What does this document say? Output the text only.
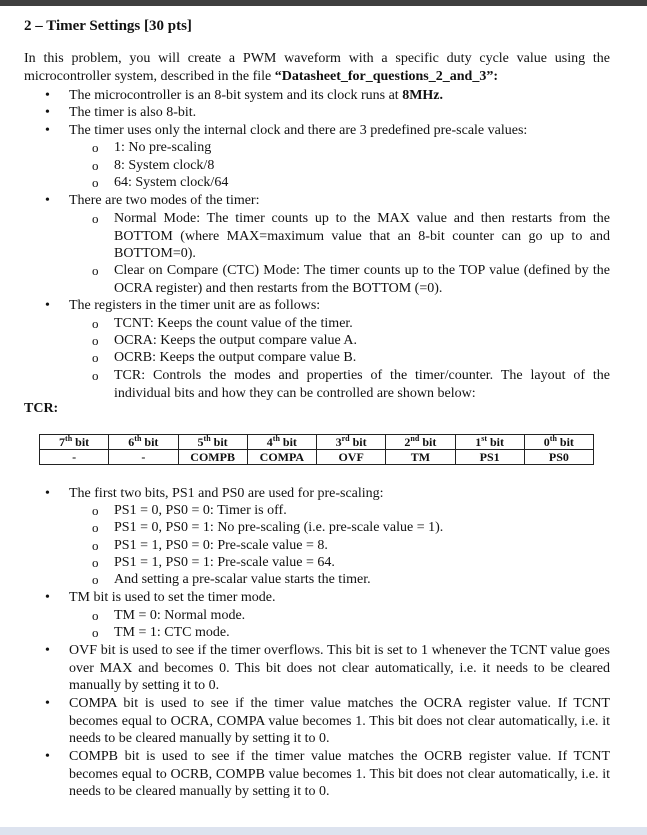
2 – Timer Settings [30 pts]
In this problem, you will create a PWM waveform with a specific duty cycle value using the microcontroller system, described in the file “Datasheet_for_questions_2_and_3”:
• The microcontroller is an 8-bit system and its clock runs at 8MHz.
• The timer is also 8-bit.
• The timer uses only the internal clock and there are 3 predefined pre-scale values:
o 1: No pre-scaling
o 8: System clock/8
o 64: System clock/64
• There are two modes of the timer:
o Normal Mode: The timer counts up to the MAX value and then restarts from the BOTTOM (where MAX=maximum value that an 8-bit counter can go up to and BOTTOM=0).
o Clear on Compare (CTC) Mode: The timer counts up to the TOP value (defined by the OCRA register) and then restarts from the BOTTOM (=0).
• The registers in the timer unit are as follows:
o TCNT: Keeps the count value of the timer.
o OCRA: Keeps the output compare value A.
o OCRB: Keeps the output compare value B.
o TCR: Controls the modes and properties of the timer/counter. The layout of the individual bits and how they can be controlled are shown below:
TCR:
7th bit	6th bit	5th bit	4th bit	3rd bit	2nd bit	1st bit	0th bit
-	-	COMPB	COMPA	OVF	TM	PS1	PS0
• The first two bits, PS1 and PS0 are used for pre-scaling:
o PS1 = 0, PS0 = 0: Timer is off.
o PS1 = 0, PS0 = 1: No pre-scaling (i.e. pre-scale value = 1).
o PS1 = 1, PS0 = 0: Pre-scale value = 8.
o PS1 = 1, PS0 = 1: Pre-scale value = 64.
o And setting a pre-scalar value starts the timer.
• TM bit is used to set the timer mode.
o TM = 0: Normal mode.
o TM = 1: CTC mode.
• OVF bit is used to see if the timer overflows. This bit is set to 1 whenever the TCNT value goes over MAX and becomes 0. This bit does not clear automatically, i.e. it needs to be cleared manually by setting it to 0.
• COMPA bit is used to see if the timer value matches the OCRA register value. If TCNT becomes equal to OCRA, COMPA value becomes 1. This bit does not clear automatically, i.e. it needs to be cleared manually by setting it to 0.
• COMPB bit is used to see if the timer value matches the OCRB register value. If TCNT becomes equal to OCRB, COMPB value becomes 1. This bit does not clear automatically, i.e. it needs to be cleared manually by setting it to 0.
